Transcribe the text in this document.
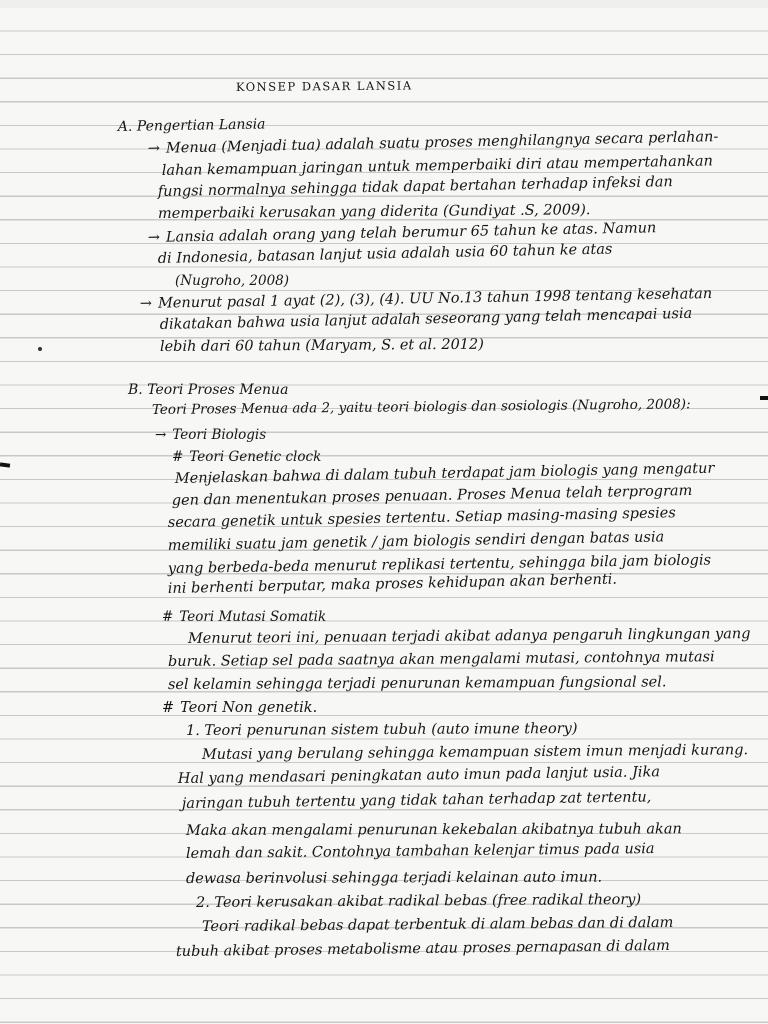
KONSEP DASAR LANSIA
A. Pengertian Lansia
→ Menua (Menjadi tua) adalah suatu proses menghilangnya secara perlahan-
lahan kemampuan jaringan untuk memperbaiki diri atau mempertahankan
fungsi normalnya sehingga tidak dapat bertahan terhadap infeksi dan
memperbaiki kerusakan yang diderita (Gundiyat .S, 2009).
→ Lansia adalah orang yang telah berumur 65 tahun ke atas. Namun
di Indonesia, batasan lanjut usia adalah usia 60 tahun ke atas
(Nugroho, 2008)
→ Menurut pasal 1 ayat (2), (3), (4). UU No.13 tahun 1998 tentang kesehatan
dikatakan bahwa usia lanjut adalah seseorang yang telah mencapai usia
lebih dari 60 tahun (Maryam, S. et al. 2012)
B. Teori Proses Menua
Teori Proses Menua ada 2, yaitu teori biologis dan sosiologis (Nugroho, 2008):
→ Teori Biologis
# Teori Genetic clock
Menjelaskan bahwa di dalam tubuh terdapat jam biologis yang mengatur
gen dan menentukan proses penuaan. Proses Menua telah terprogram
secara genetik untuk spesies tertentu. Setiap masing-masing spesies
memiliki suatu jam genetik / jam biologis sendiri dengan batas usia
yang berbeda-beda menurut replikasi tertentu, sehingga bila jam biologis
ini berhenti berputar, maka proses kehidupan akan berhenti.
# Teori Mutasi Somatik
Menurut teori ini, penuaan terjadi akibat adanya pengaruh lingkungan yang
buruk. Setiap sel pada saatnya akan mengalami mutasi, contohnya mutasi
sel kelamin sehingga terjadi penurunan kemampuan fungsional sel.
# Teori Non genetik.
1. Teori penurunan sistem tubuh (auto imune theory)
Mutasi yang berulang sehingga kemampuan sistem imun menjadi kurang.
Hal yang mendasari peningkatan auto imun pada lanjut usia. Jika
jaringan tubuh tertentu yang tidak tahan terhadap zat tertentu,
Maka akan mengalami penurunan kekebalan akibatnya tubuh akan
lemah dan sakit. Contohnya tambahan kelenjar timus pada usia
dewasa berinvolusi sehingga terjadi kelainan auto imun.
2. Teori kerusakan akibat radikal bebas (free radikal theory)
Teori radikal bebas dapat terbentuk di alam bebas dan di dalam
tubuh akibat proses metabolisme atau proses pernapasan di dalam
